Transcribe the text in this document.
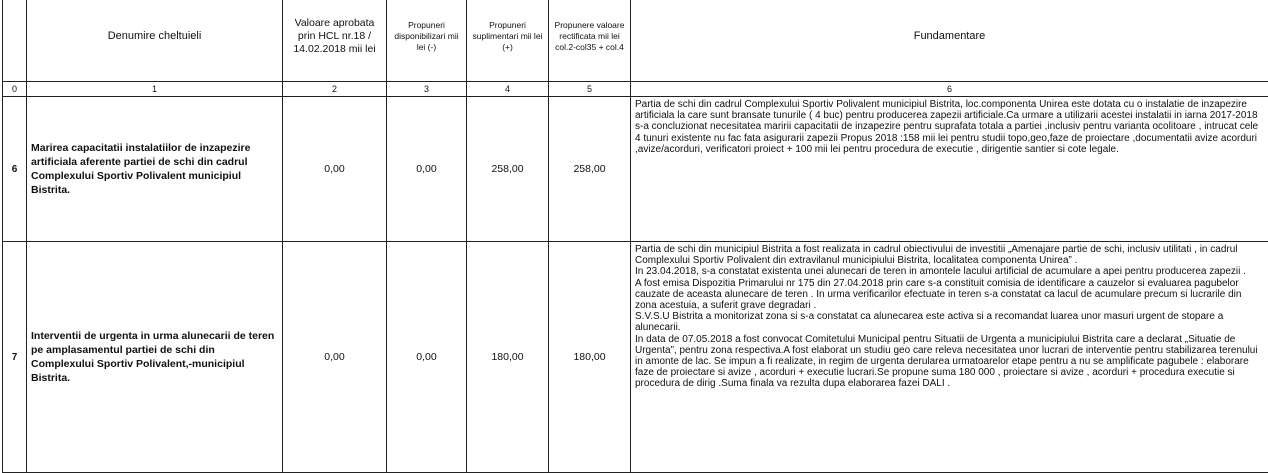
	Denumire cheltuieli	Valoare aprobata prin HCL nr.18 / 14.02.2018 mii lei	Propuneri disponibilizari mii lei (-)	Propuneri suplimentari mii lei (+)	Propunere valoare rectificata mii lei col.2-col35 + col.4	Fundamentare
0	1	2	3	4	5	6
6	Marirea capacitatii instalatiilor de inzapezire artificiala aferente partiei de schi din cadrul Complexului Sportiv Polivalent municipiul Bistrita.	0,00	0,00	258,00	258,00	Partia de schi din cadrul Complexului Sportiv Polivalent municipiul Bistrita, loc.componenta Unirea este dotata cu o instalatie de inzapezire artificiala la care sunt bransate tunurile ( 4 buc) pentru producerea zapezii artificiale.Ca urmare a utilizarii acestei instalatii in iarna 2017-2018 s-a concluzionat necesitatea maririi capacitatii de inzapezire pentru suprafata totala a partiei ,inclusiv pentru varianta ocolitoare , intrucat cele 4 tunuri existente nu fac fata asigurarii zapezii Propus 2018 :158 mii lei pentru studii topo,geo,faze de proiectare ,documentatii avize acorduri ,avize/acorduri, verificatori proiect + 100 mii lei pentru procedura de executie , dirigentie santier si cote legale.

7	Interventii de urgenta in urma alunecarii de teren pe amplasamentul partiei de schi din Complexului Sportiv Polivalent,-municipiul Bistrita.	0,00	0,00	180,00	180,00	Partia de schi din municipiul Bistrita a fost realizata in cadrul obiectivului de investitii „Amenajare partie de schi, inclusiv utilitati , in cadrul Complexului Sportiv Polivalent din extravilanul municipiului Bistrita, localitatea componenta Unirea” .

In 23.04.2018, s-a constatat existenta unei alunecari de teren in amontele lacului artificial de acumulare a apei pentru producerea zapezii .

A fost emisa Dispozitia Primarului nr 175 din 27.04.2018 prin care s-a constituit comisia de identificare a cauzelor si evaluarea pagubelor cauzate de aceasta alunecare de teren . In urma verificarilor efectuate in teren s-a constatat ca lacul de acumulare precum si lucrarile din zona acestuia, a suferit grave degradari .

S.V.S.U Bistrita a monitorizat zona si s-a constatat ca alunecarea este activa si a recomandat luarea unor masuri urgent de stopare a alunecarii.

In data de 07.05.2018 a fost convocat Comitetului Municipal pentru Situatii de Urgenta a municipiului Bistrita care a declarat „Situatie de Urgenta”, pentru zona respectiva.A fost elaborat un studiu geo care releva necesitatea unor lucrari de interventie pentru stabilizarea terenului in amonte de lac. Se impun a fi realizate, in regim de urgenta derularea urmatoarelor etape pentru a nu se amplificate pagubele : elaborare faze de proiectare si avize , acorduri + executie lucrari.Se propune suma 180 000 , proiectare si avize , acorduri + procedura executie si procedura de dirig .Suma finala va rezulta dupa elaborarea fazei DALI .
